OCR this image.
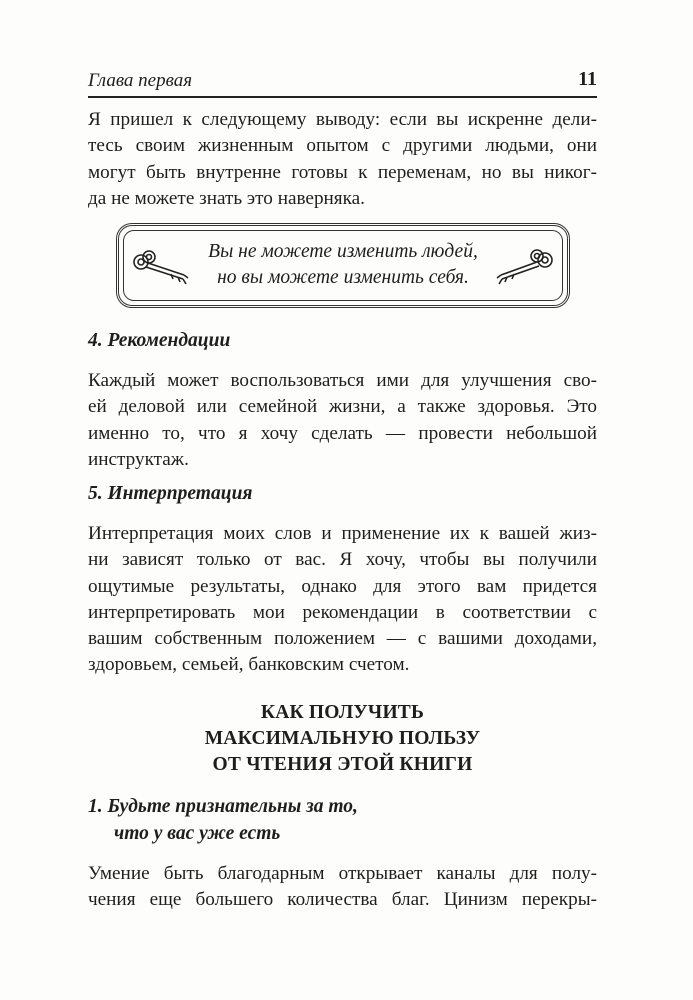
Глава первая	11

Я пришел к следующему выводу: если вы искренне дели-
тесь своим жизненным опытом с другими людьми, они
могут быть внутренне готовы к переменам, но вы никог-
да не можете знать это наверняка.

Вы не можете изменить людей,
но вы можете изменить себя.
4. Рекомендации

Каждый может воспользоваться ими для улучшения сво-
ей деловой или семейной жизни, а также здоровья. Это
именно то, что я хочу сделать — провести небольшой
инструктаж.

5. Интерпретация

Интерпретация моих слов и применение их к вашей жиз-
ни зависят только от вас. Я хочу, чтобы вы получили
ощутимые результаты, однако для этого вам придется
интерпретировать мои рекомендации в соответствии с
вашим собственным положением — с вашими доходами,
здоровьем, семьей, банковским счетом.

КАК ПОЛУЧИТЬ
МАКСИМАЛЬНУЮ ПОЛЬЗУ
ОТ ЧТЕНИЯ ЭТОЙ КНИГИ
1. Будьте признательны за то,
что у вас уже есть

Умение быть благодарным открывает каналы для полу-
чения еще большего количества благ. Цинизм перекры-
